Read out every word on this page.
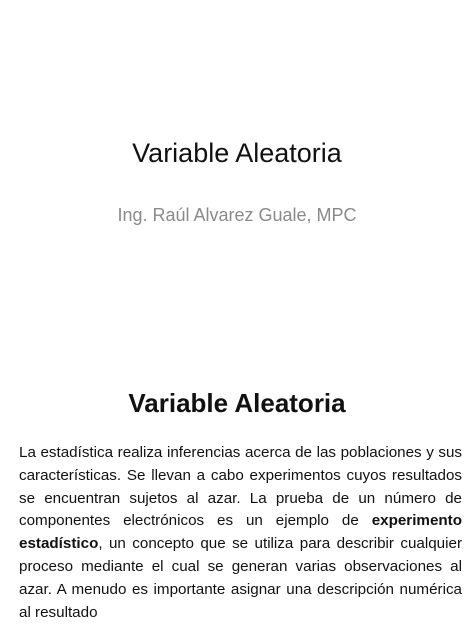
Variable Aleatoria
Ing. Raúl Alvarez Guale, MPC
Variable Aleatoria
La estadística realiza inferencias acerca de las poblaciones y sus características. Se llevan a cabo experimentos cuyos resultados se encuentran sujetos al azar. La prueba de un número de componentes electrónicos es un ejemplo de experimento estadístico, un concepto que se utiliza para describir cualquier proceso mediante el cual se generan varias observaciones al azar. A menudo es importante asignar una descripción numérica al resultado
